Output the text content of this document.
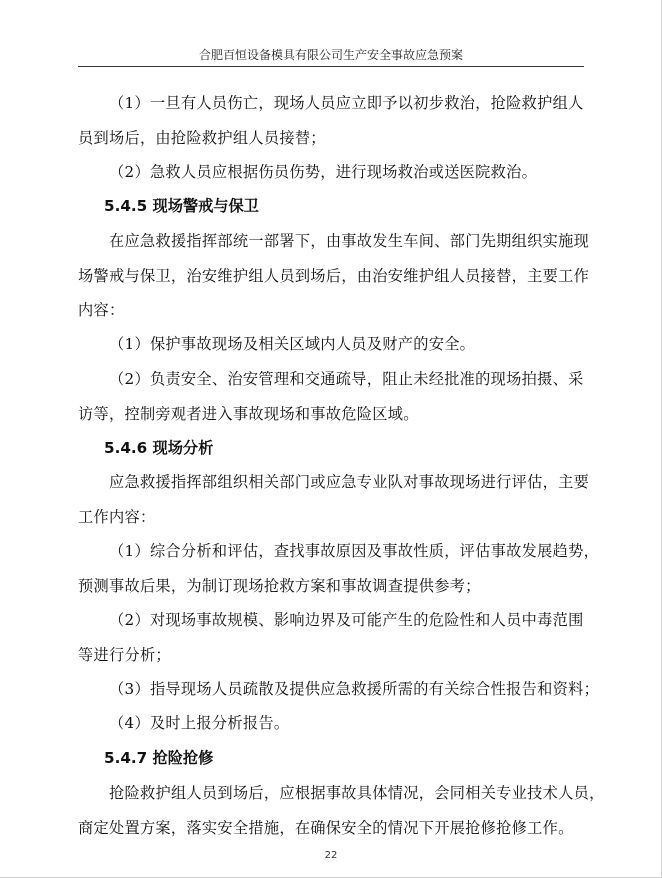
合肥百恒设备模具有限公司生产安全事故应急预案

（1）一旦有人员伤亡，现场人员应立即予以初步救治，抢险救护组人
员到场后，由抢险救护组人员接替；

（2）急救人员应根据伤员伤势，进行现场救治或送医院救治。

5.4.5 现场警戒与保卫

在应急救援指挥部统一部署下，由事故发生车间、部门先期组织实施现
场警戒与保卫，治安维护组人员到场后，由治安维护组人员接替，主要工作
内容：

（1）保护事故现场及相关区域内人员及财产的安全。

（2）负责安全、治安管理和交通疏导，阻止未经批准的现场拍摄、采
访等，控制旁观者进入事故现场和事故危险区域。

5.4.6 现场分析

应急救援指挥部组织相关部门或应急专业队对事故现场进行评估，主要
工作内容：

（1）综合分析和评估，查找事故原因及事故性质，评估事故发展趋势，
预测事故后果，为制订现场抢救方案和事故调查提供参考；

（2）对现场事故规模、影响边界及可能产生的危险性和人员中毒范围
等进行分析；

（3）指导现场人员疏散及提供应急救援所需的有关综合性报告和资料；

（4）及时上报分析报告。

5.4.7 抢险抢修

抢险救护组人员到场后，应根据事故具体情况，会同相关专业技术人员，
商定处置方案，落实安全措施，在确保安全的情况下开展抢修抢修工作。

22
